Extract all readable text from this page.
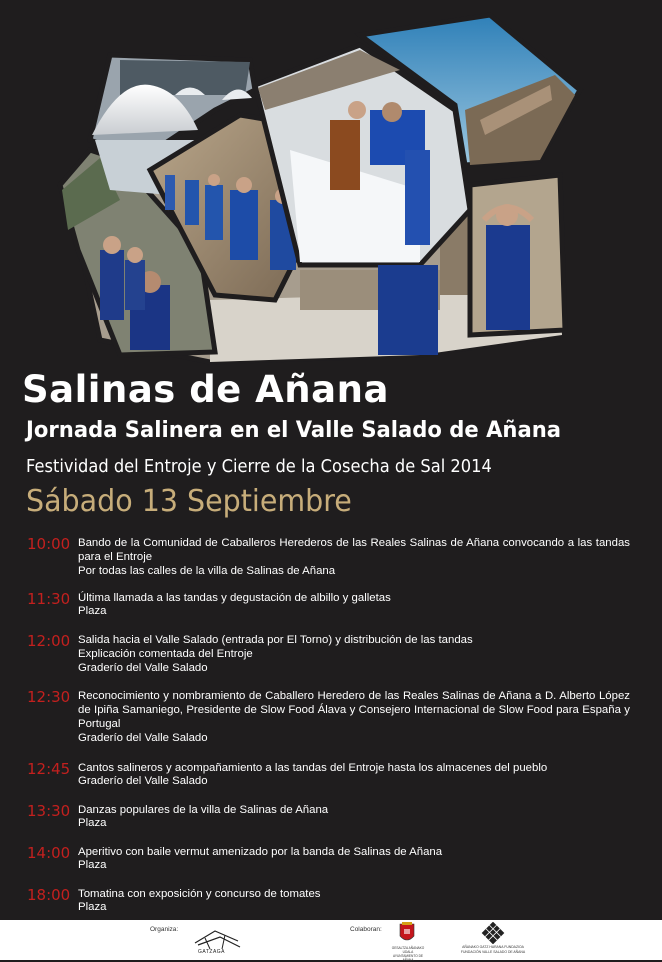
Salinas de Añana
Jornada Salinera en el Valle Salado de Añana
Festividad del Entroje y Cierre de la Cosecha de Sal 2014
Sábado 13 Septiembre
10:00 Bando de la Comunidad de Caballeros Herederos de las Reales Salinas de Añana convocando a las tandas para el Entroje
Por todas las calles de la villa de Salinas de Añana
11:30 Última llamada a las tandas y degustación de albillo y galletas
Plaza
12:00 Salida hacia el Valle Salado (entrada por El Torno) y distribución de las tandas
Explicación comentada del Entroje
Graderío del Valle Salado
12:30 Reconocimiento y nombramiento de Caballero Heredero de las Reales Salinas de Añana a D. Alberto López de Ipiña Samaniego, Presidente de Slow Food Álava y Consejero Internacional de Slow Food para España y Portugal
Graderío del Valle Salado
12:45 Cantos salineros y acompañamiento a las tandas del Entroje hasta los almacenes del pueblo
Graderío del Valle Salado
13:30 Danzas populares de la villa de Salinas de Añana
Plaza
14:00 Aperitivo con baile vermut amenizado por la banda de Salinas de Añana
Plaza
18:00 Tomatina con exposición y concurso de tomates
Plaza
Organiza:
GATZAGA
Colaboran:
GESALTZA AÑANAKO UDALA
AYUNTAMIENTO DE AÑANA
AÑANAKO GATZ HARANA FUNDAZIOA
FUNDACIÓN VALLE SALADO DE AÑANA
